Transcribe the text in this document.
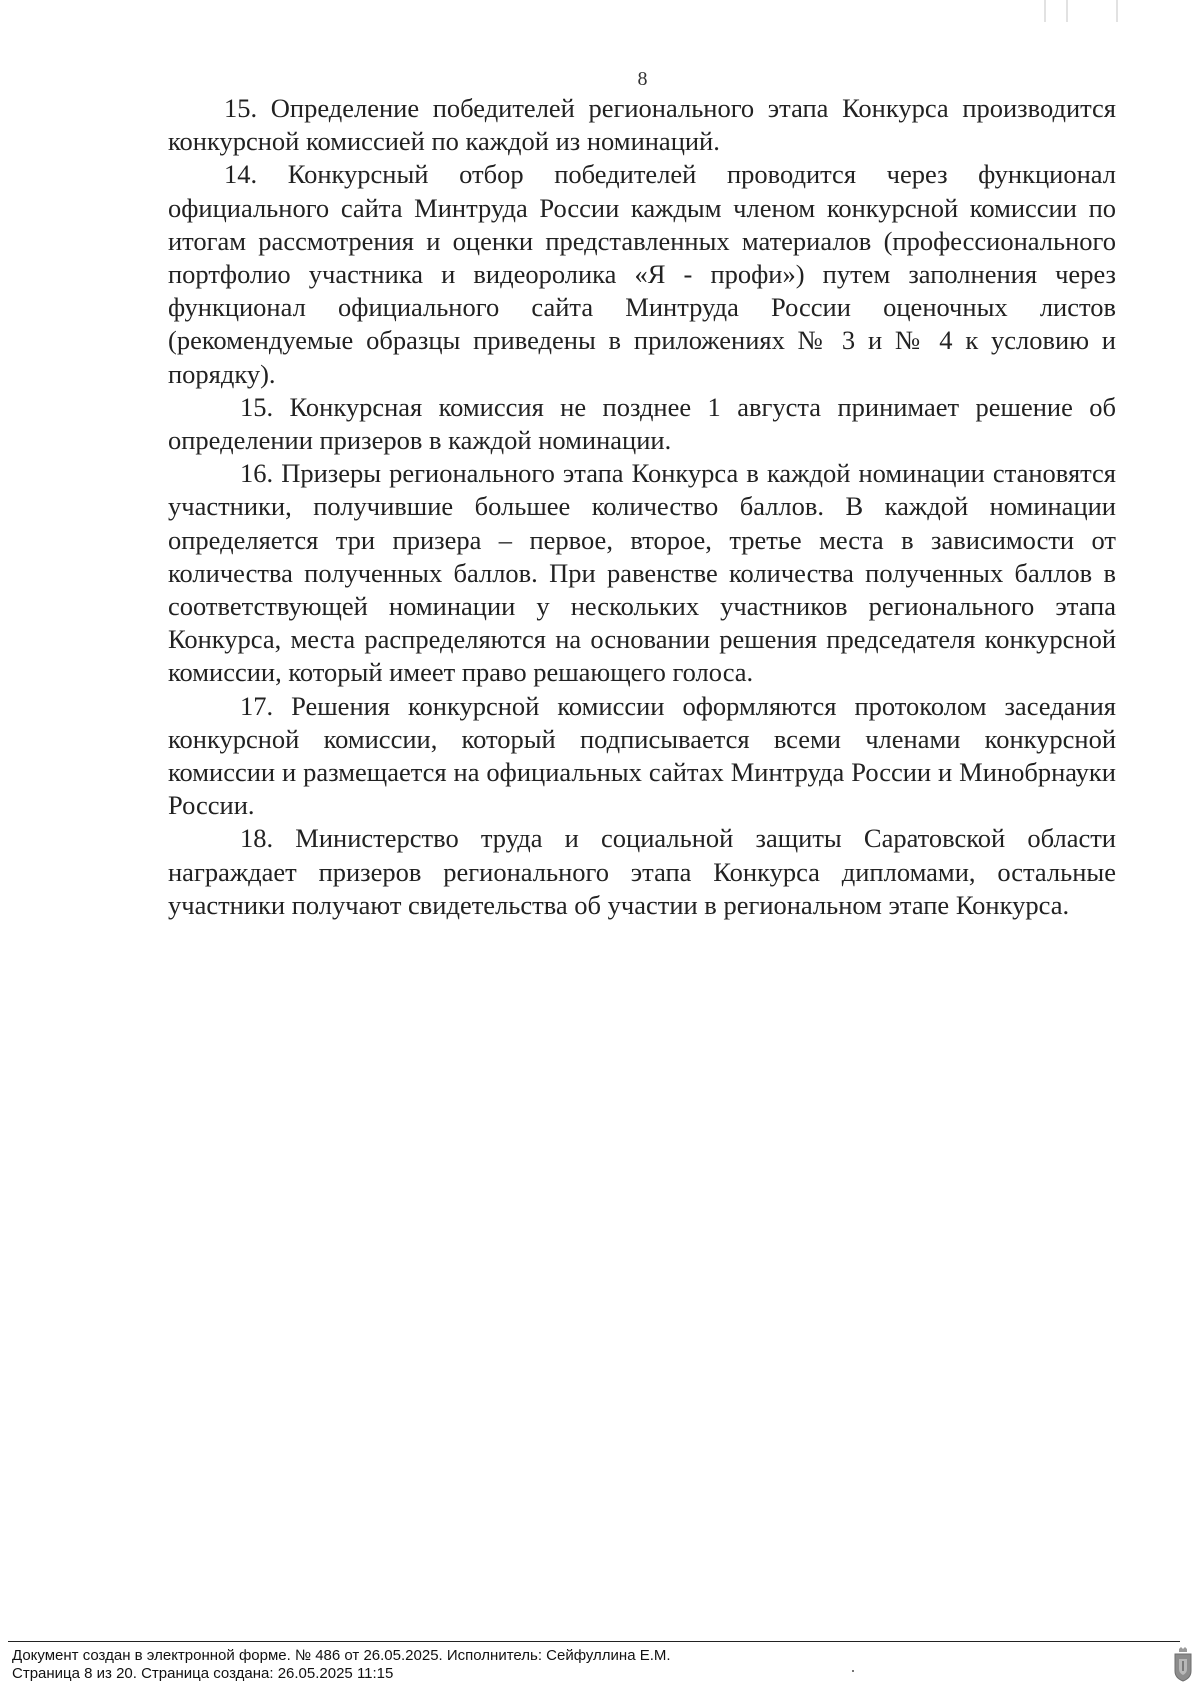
8

15. Определение победителей регионального этапа Конкурса производится конкурсной комиссией по каждой из номинаций.

14. Конкурсный отбор победителей проводится через функционал официального сайта Минтруда России каждым членом конкурсной комиссии по итогам рассмотрения и оценки представленных материалов (профессионального портфолио участника и видеоролика «Я - профи») путем заполнения через функционал официального сайта Минтруда России оценочных листов (рекомендуемые образцы приведены в приложениях № 3 и № 4 к условию и порядку).

15. Конкурсная комиссия не позднее 1 августа принимает решение об определении призеров в каждой номинации.

16. Призеры регионального этапа Конкурса в каждой номинации становятся участники, получившие большее количество баллов. В каждой номинации определяется три призера – первое, второе, третье места в зависимости от количества полученных баллов. При равенстве количества полученных баллов в соответствующей номинации у нескольких участников регионального этапа Конкурса, места распределяются на основании решения председателя конкурсной комиссии, который имеет право решающего голоса.

17. Решения конкурсной комиссии оформляются протоколом заседания конкурсной комиссии, который подписывается всеми членами конкурсной комиссии и размещается на официальных сайтах Минтруда России и Минобрнауки России.

18. Министерство труда и социальной защиты Саратовской области награждает призеров регионального этапа Конкурса дипломами, остальные участники получают свидетельства об участии в региональном этапе Конкурса.

Документ создан в электронной форме. № 486 от 26.05.2025. Исполнитель: Сейфуллина Е.М.
Страница 8 из 20. Страница создана: 26.05.2025 11:15
